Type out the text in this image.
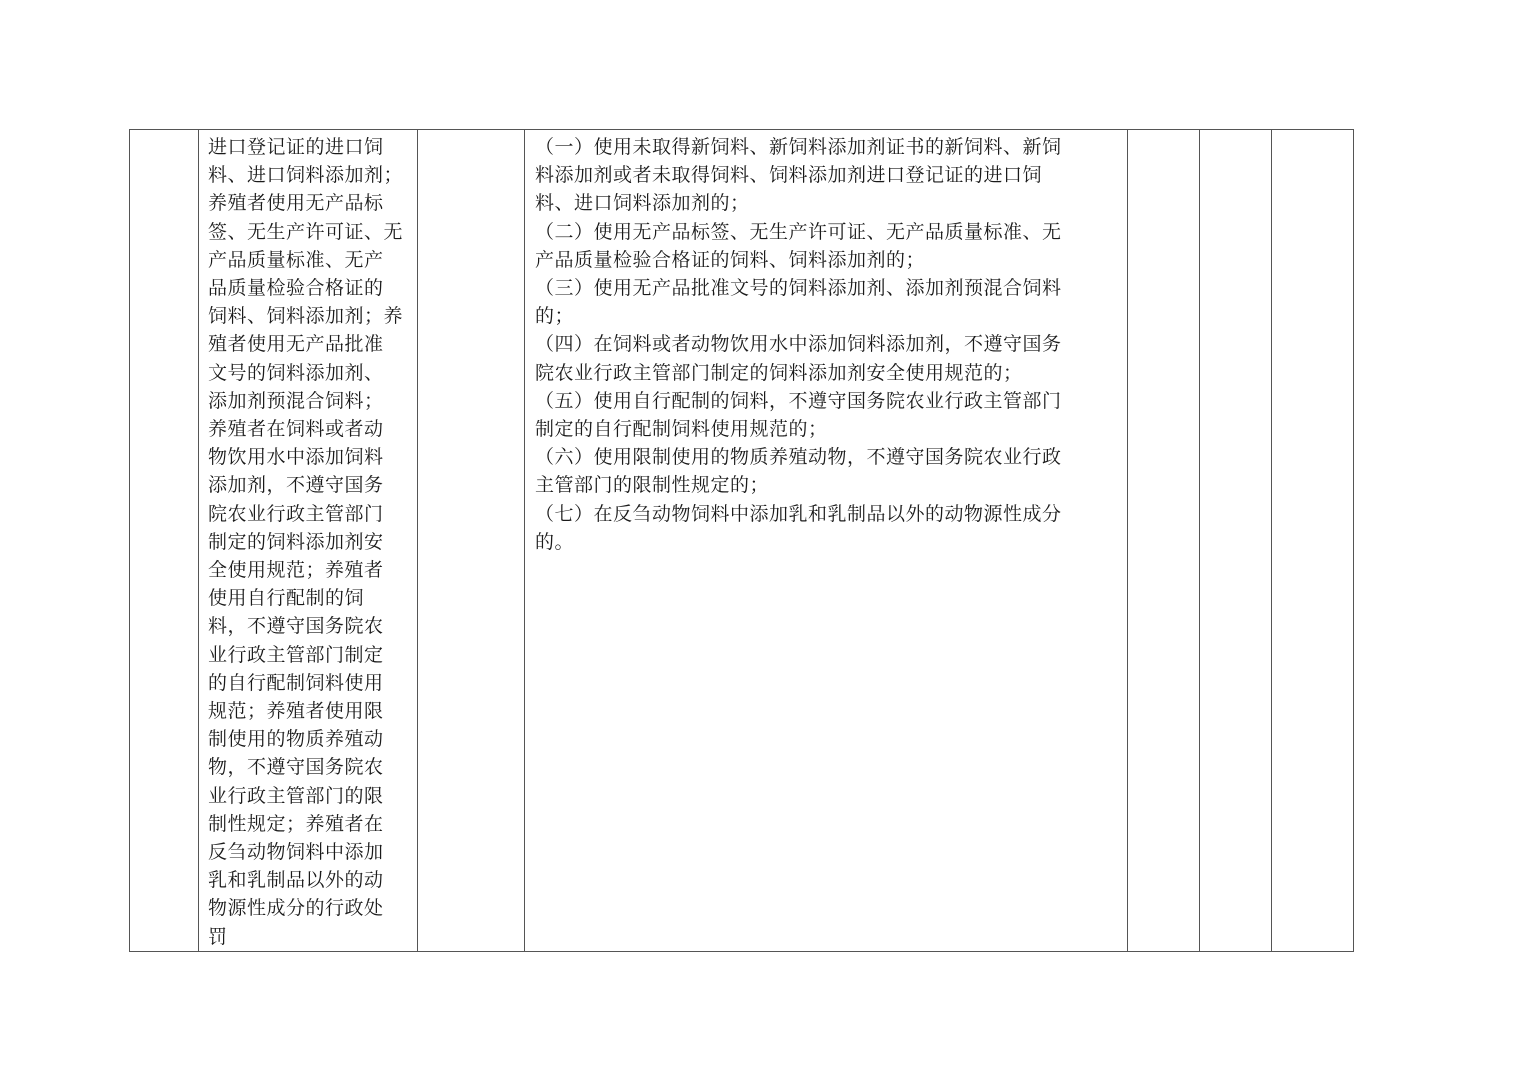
进口登记证的进口饲
料、进口饲料添加剂；
养殖者使用无产品标
签、无生产许可证、无
产品质量标准、无产
品质量检验合格证的
饲料、饲料添加剂；养
殖者使用无产品批准
文号的饲料添加剂、
添加剂预混合饲料；
养殖者在饲料或者动
物饮用水中添加饲料
添加剂，不遵守国务
院农业行政主管部门
制定的饲料添加剂安
全使用规范；养殖者
使用自行配制的饲
料，不遵守国务院农
业行政主管部门制定
的自行配制饲料使用
规范；养殖者使用限
制使用的物质养殖动
物，不遵守国务院农
业行政主管部门的限
制性规定；养殖者在
反刍动物饲料中添加
乳和乳制品以外的动
物源性成分的行政处
罚

（一）使用未取得新饲料、新饲料添加剂证书的新饲料、新饲
料添加剂或者未取得饲料、饲料添加剂进口登记证的进口饲
料、进口饲料添加剂的；
（二）使用无产品标签、无生产许可证、无产品质量标准、无
产品质量检验合格证的饲料、饲料添加剂的；
（三）使用无产品批准文号的饲料添加剂、添加剂预混合饲料
的；
（四）在饲料或者动物饮用水中添加饲料添加剂，不遵守国务
院农业行政主管部门制定的饲料添加剂安全使用规范的；
（五）使用自行配制的饲料，不遵守国务院农业行政主管部门
制定的自行配制饲料使用规范的；
（六）使用限制使用的物质养殖动物，不遵守国务院农业行政
主管部门的限制性规定的；
（七）在反刍动物饲料中添加乳和乳制品以外的动物源性成分
的。
